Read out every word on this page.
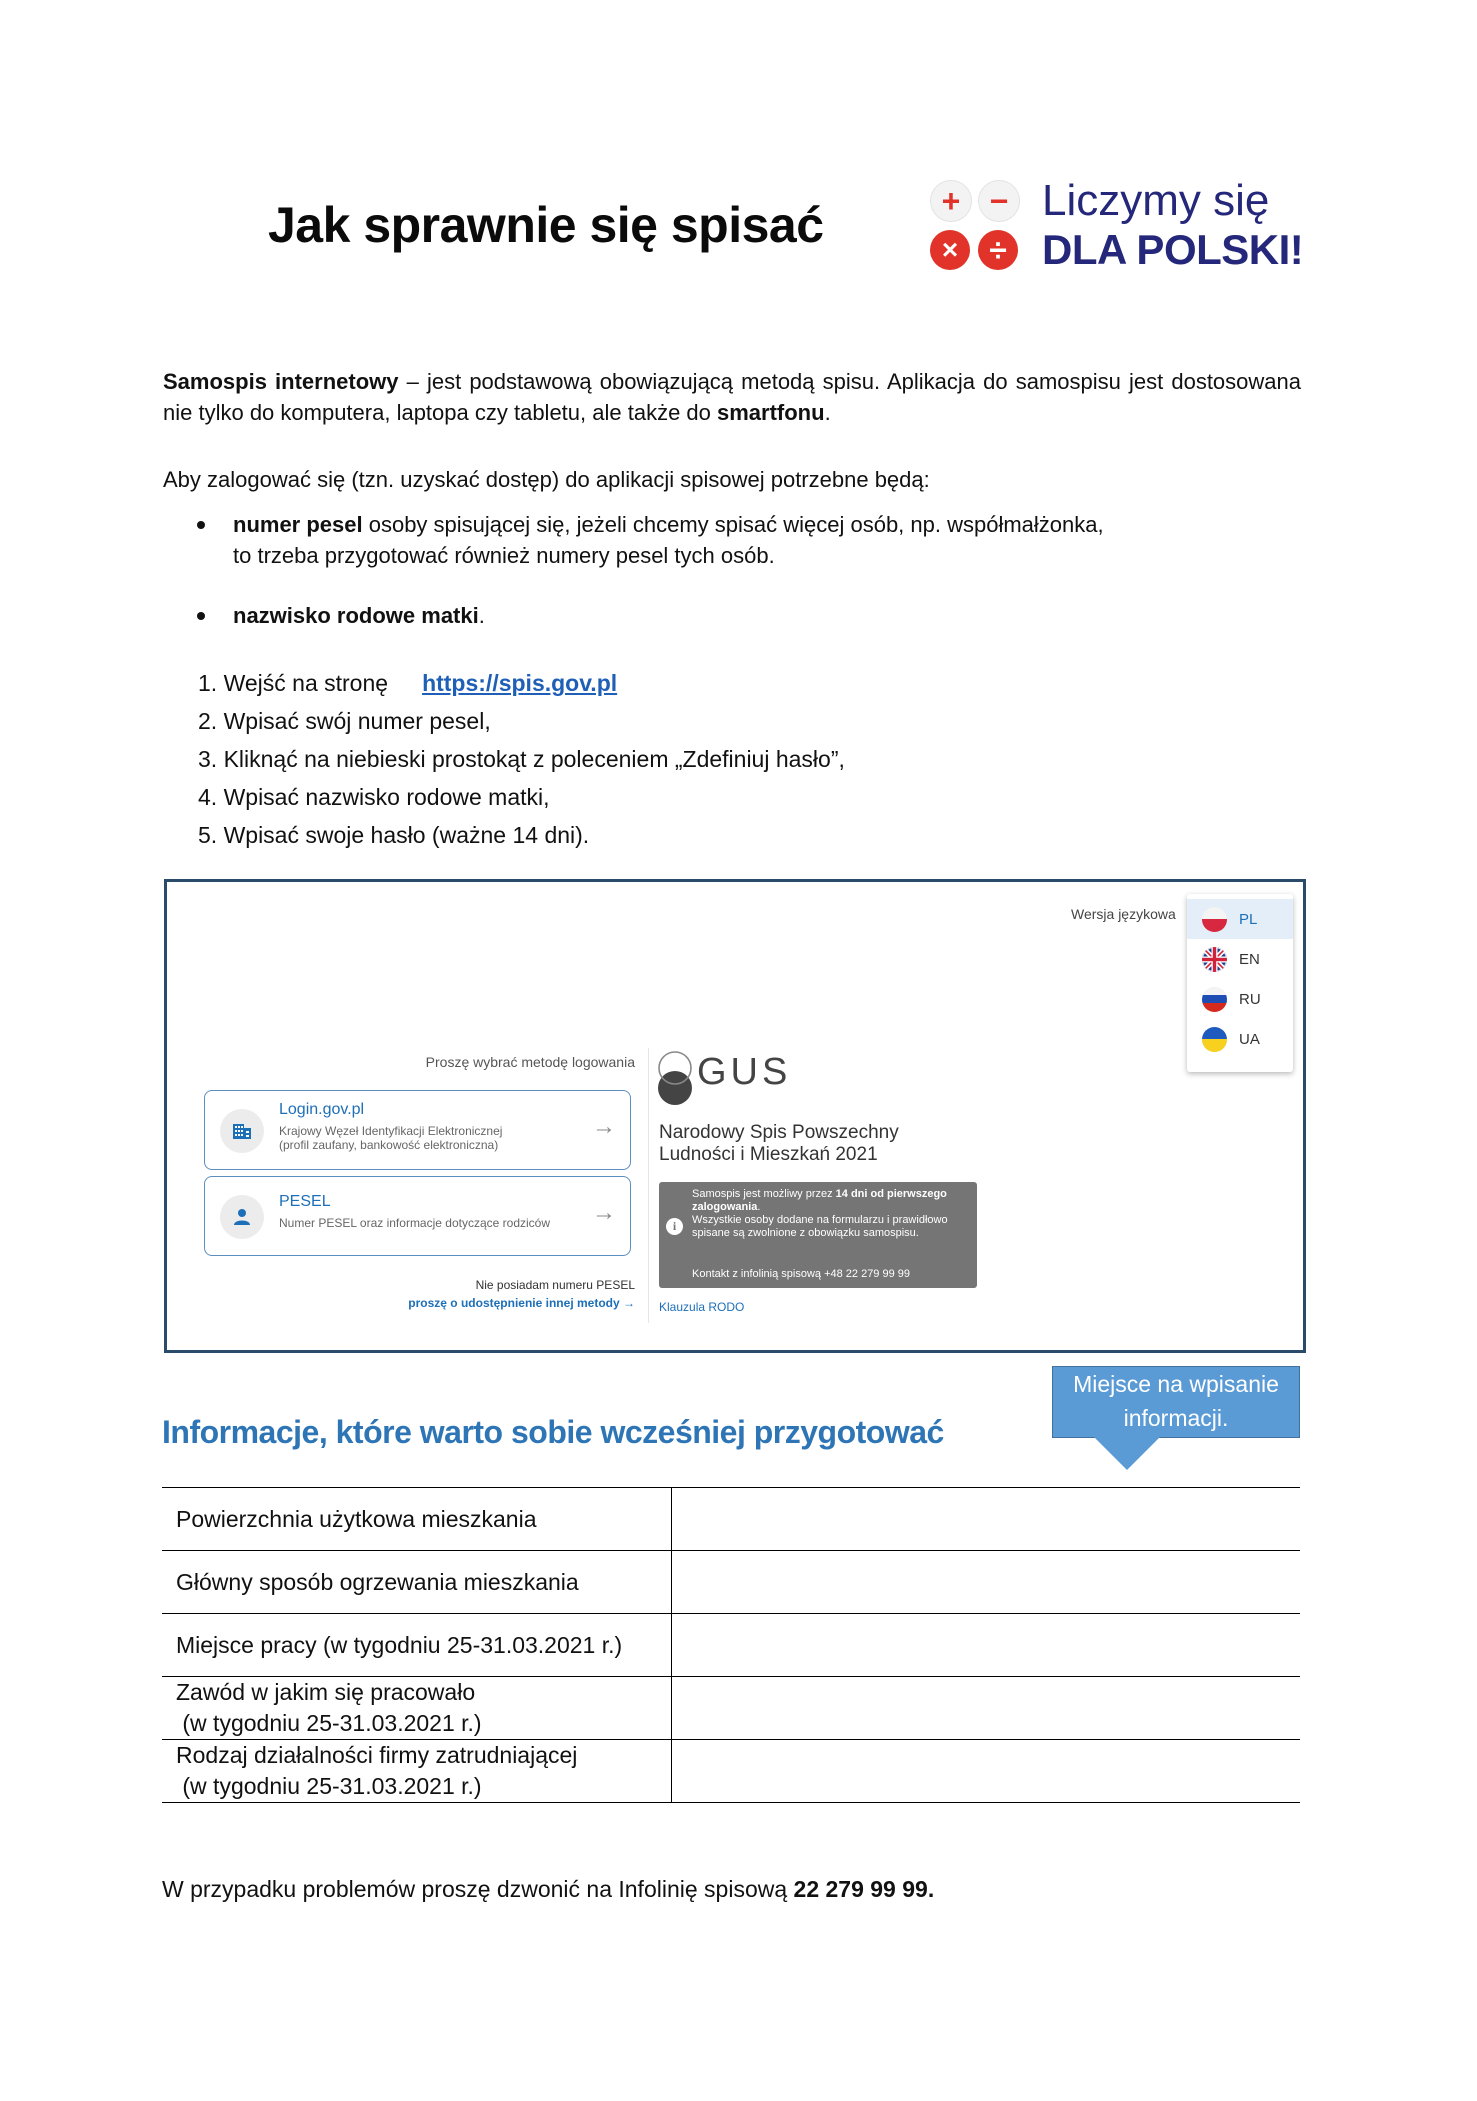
Jak sprawnie się spisać	+ −
× ÷
Liczymy się
DLA POLSKI!
Samospis internetowy – jest podstawową obowiązującą metodą spisu. Aplikacja do samospisu jest dostosowana nie tylko do komputera, laptopa czy tabletu, ale także do smartfonu.
Aby zalogować się (tzn. uzyskać dostęp) do aplikacji spisowej potrzebne będą:
numer pesel osoby spisującej się, jeżeli chcemy spisać więcej osób, np. współmałżonka,
to trzeba przygotować również numery pesel tych osób.
nazwisko rodowe matki.
1. Wejść na stronę https://spis.gov.pl
2. Wpisać swój numer pesel,
3. Kliknąć na niebieski prostokąt z poleceniem „Zdefiniuj hasło”,
4. Wpisać nazwisko rodowe matki,
5. Wpisać swoje hasło (ważne 14 dni).
Wersja językowa	PL
EN
RU
UA
Proszę wybrać metodę logowania
Login.gov.pl
Krajowy Węzeł Identyfikacji Elektronicznej
(profil zaufany, bankowość elektroniczna)
→
PESEL
Numer PESEL oraz informacje dotyczące rodziców →
Nie posiadam numeru PESEL
proszę o udostępnienie innej metody →
GUS
Narodowy Spis Powszechny Ludności i Mieszkań 2021
i
Samospis jest możliwy przez 14 dni od pierwszego zalogowania.
Wszystkie osoby dodane na formularzu i prawidłowo spisane są zwolnione z obowiązku samospisu.
Kontakt z infolinią spisową +48 22 279 99 99
Klauzula RODO
Miejsce na wpisanie informacji.
Informacje, które warto sobie wcześniej przygotować
Powierzchnia użytkowa mieszkania	
Główny sposób ogrzewania mieszkania	
Miejsce pracy (w tygodniu 25-31.03.2021 r.)	
Zawód w jakim się pracowało
(w tygodniu 25-31.03.2021 r.)	
Rodzaj działalności firmy zatrudniającej
(w tygodniu 25-31.03.2021 r.)	
W przypadku problemów proszę dzwonić na Infolinię spisową 22 279 99 99.
